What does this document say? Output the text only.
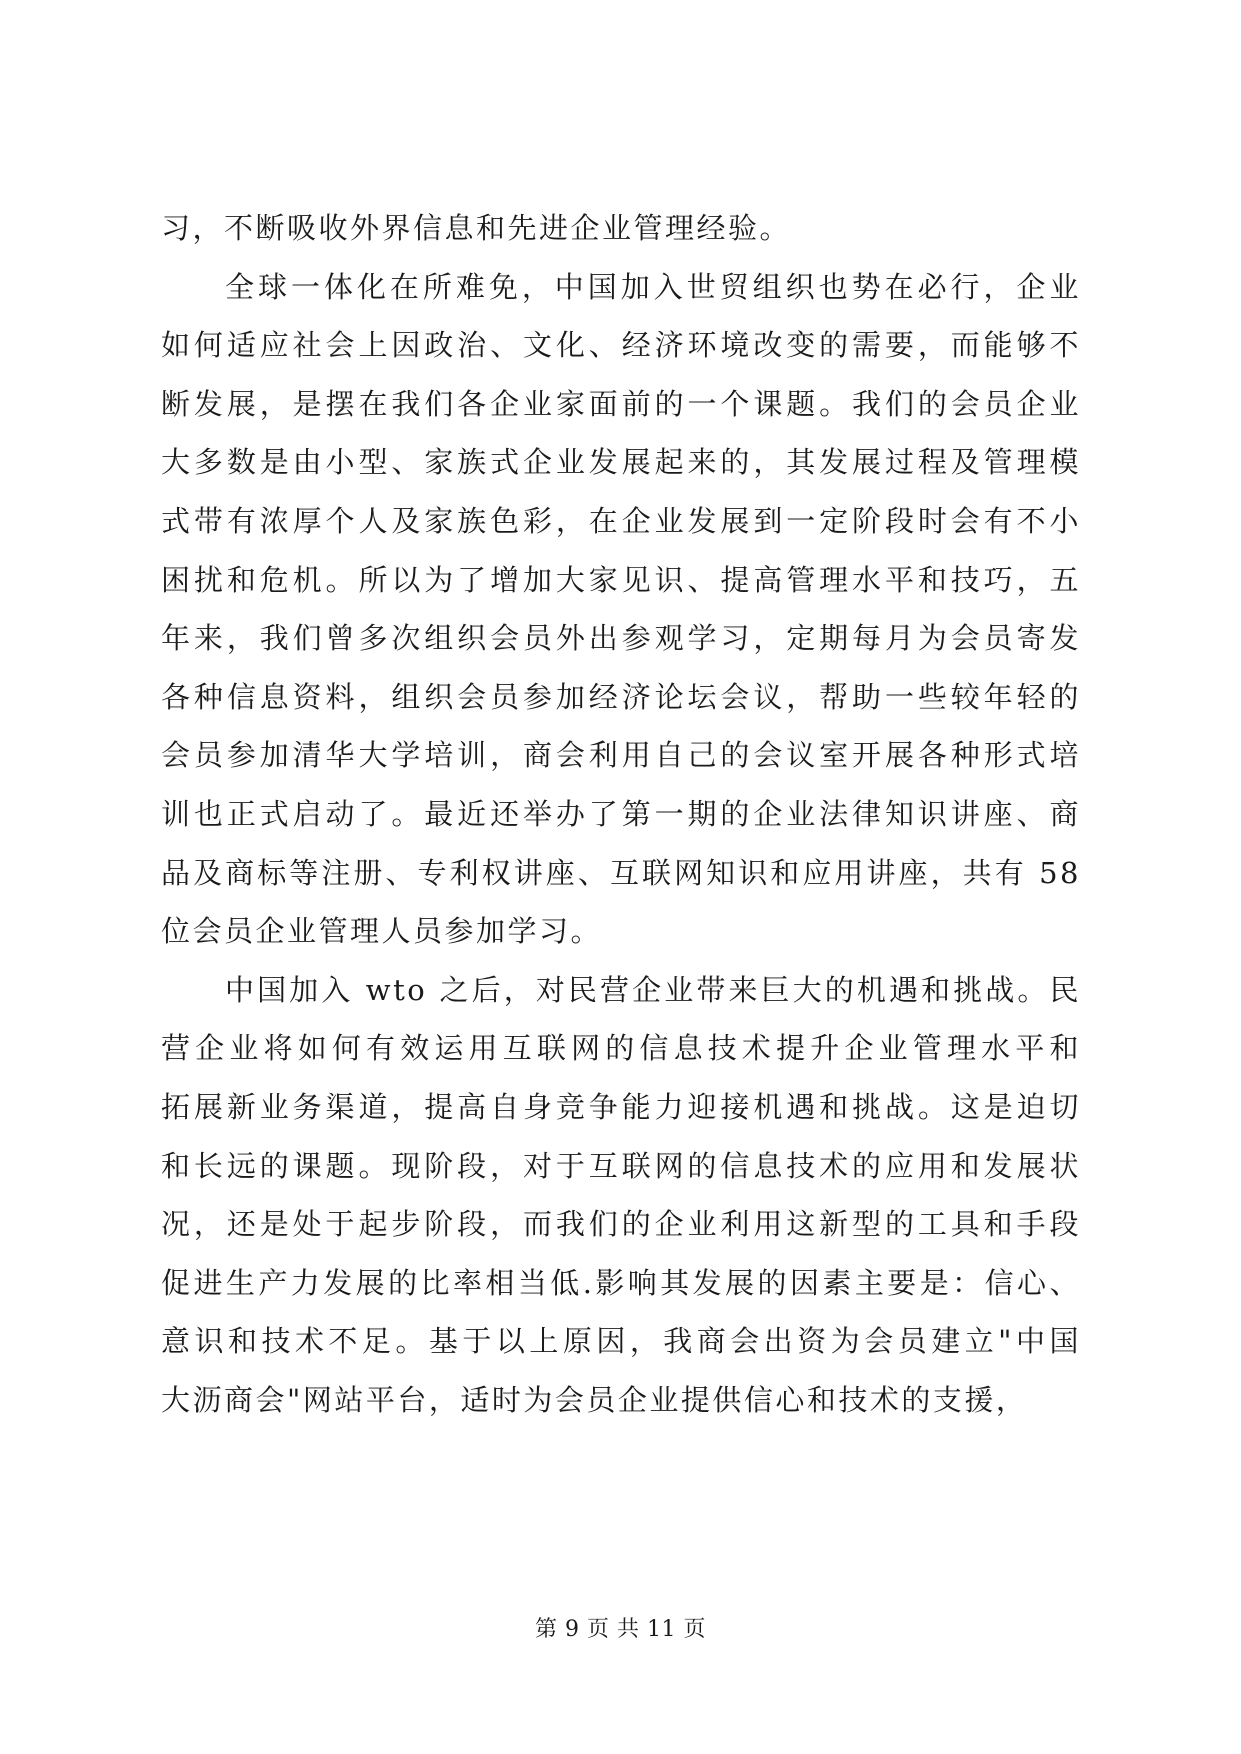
习，不断吸收外界信息和先进企业管理经验。
全球一体化在所难免，中国加入世贸组织也势在必行，企业
如何适应社会上因政治、文化、经济环境改变的需要，而能够不
断发展，是摆在我们各企业家面前的一个课题。我们的会员企业
大多数是由小型、家族式企业发展起来的，其发展过程及管理模
式带有浓厚个人及家族色彩，在企业发展到一定阶段时会有不小
困扰和危机。所以为了增加大家见识、提高管理水平和技巧，五
年来，我们曾多次组织会员外出参观学习，定期每月为会员寄发
各种信息资料，组织会员参加经济论坛会议，帮助一些较年轻的
会员参加清华大学培训，商会利用自己的会议室开展各种形式培
训也正式启动了。最近还举办了第一期的企业法律知识讲座、商
品及商标等注册、专利权讲座、互联网知识和应用讲座，共有 58
位会员企业管理人员参加学习。
中国加入 wto 之后，对民营企业带来巨大的机遇和挑战。民
营企业将如何有效运用互联网的信息技术提升企业管理水平和
拓展新业务渠道，提高自身竞争能力迎接机遇和挑战。这是迫切
和长远的课题。现阶段，对于互联网的信息技术的应用和发展状
况，还是处于起步阶段，而我们的企业利用这新型的工具和手段
促进生产力发展的比率相当低.影响其发展的因素主要是：信心、
意识和技术不足。基于以上原因，我商会出资为会员建立"中国
大沥商会"网站平台，适时为会员企业提供信心和技术的支援，
第 9 页 共 11 页
